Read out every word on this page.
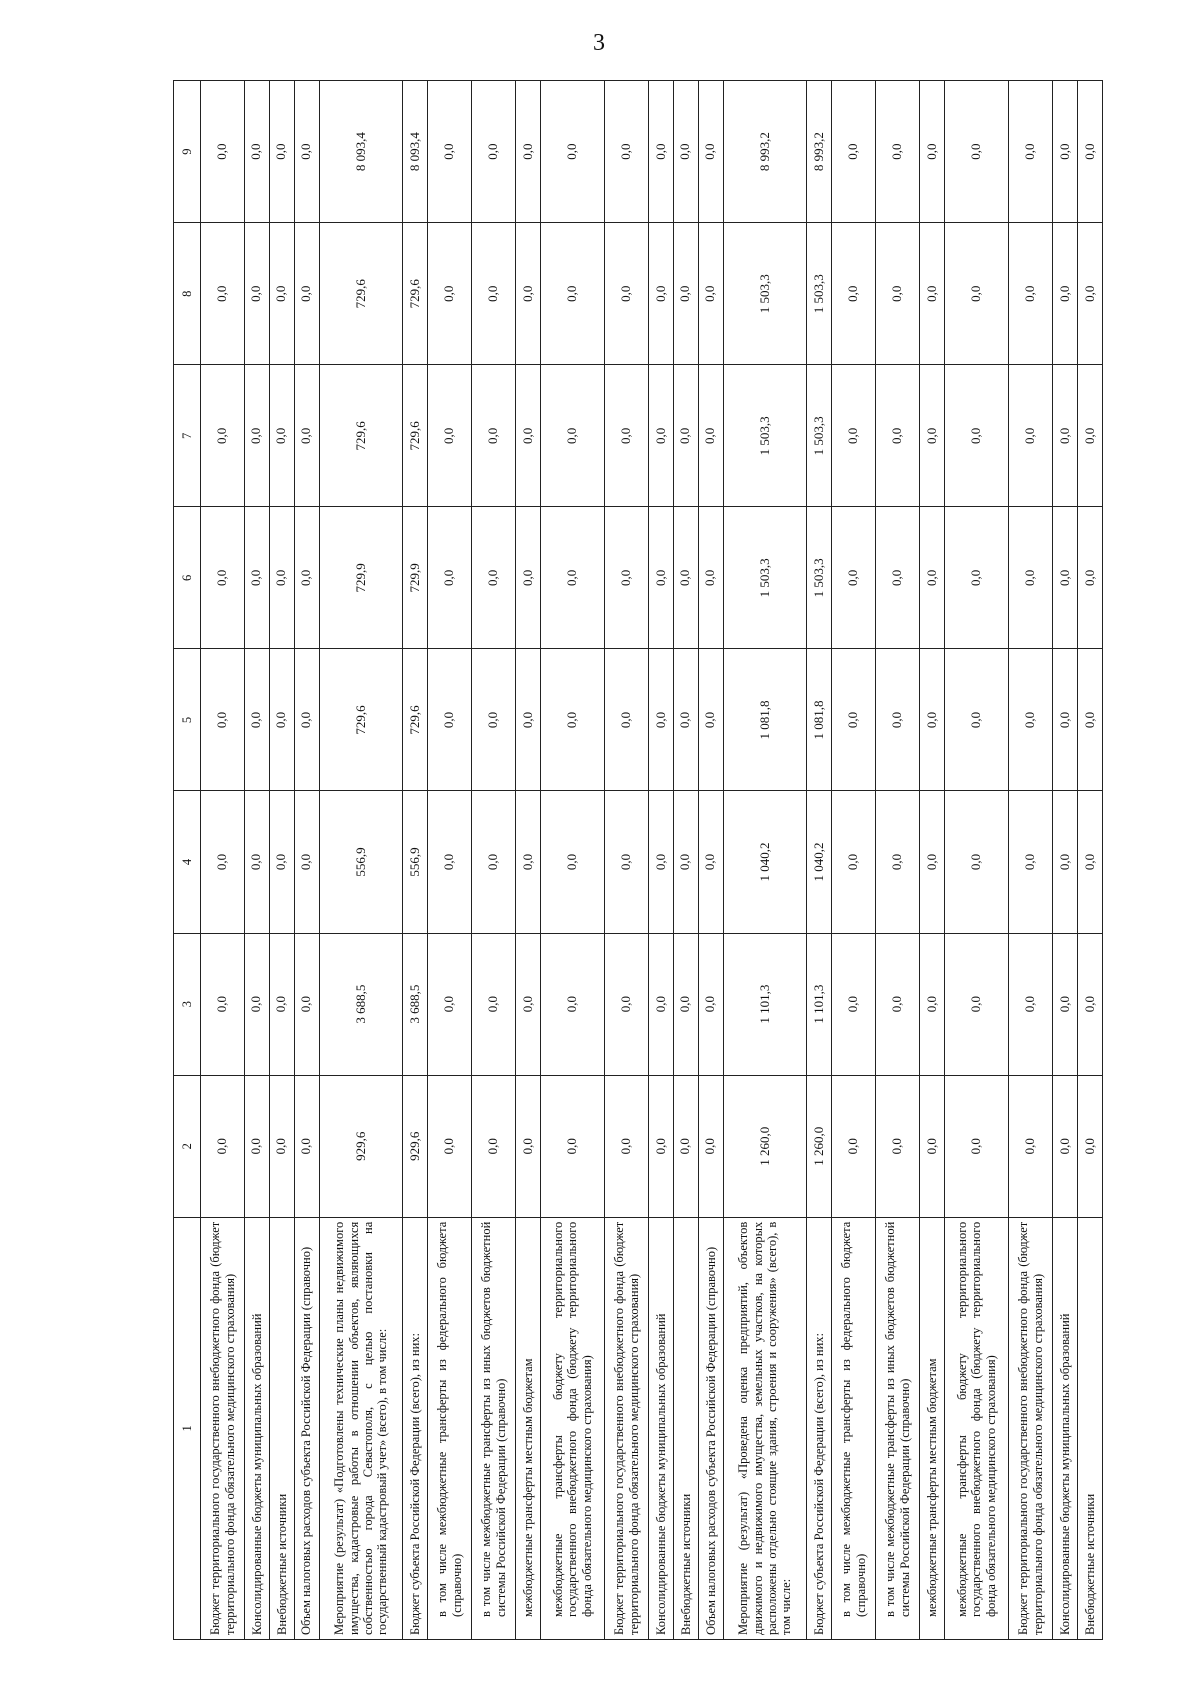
3
1	2	3	4	5	6	7	8	9
Бюджет территориального государственного внебюджетного фонда (бюджет территориального фонда обязательного медицинского страхования)	0,0	0,0	0,0	0,0	0,0	0,0	0,0	0,0
Консолидированные бюджеты муниципальных образований	0,0	0,0	0,0	0,0	0,0	0,0	0,0	0,0
Внебюджетные источники	0,0	0,0	0,0	0,0	0,0	0,0	0,0	0,0
Объем налоговых расходов субъекта Российской Федерации (справочно)	0,0	0,0	0,0	0,0	0,0	0,0	0,0	0,0
Мероприятие (результат) «Подготовлены технические планы недвижимого имущества, кадастровые работы в отношении объектов, являющихся собственностью города Севастополя, с целью постановки на государственный кадастровый учет» (всего), в том числе:	929,6	3 688,5	556,9	729,6	729,9	729,6	729,6	8 093,4
Бюджет субъекта Российской Федерации (всего), из них:	929,6	3 688,5	556,9	729,6	729,9	729,6	729,6	8 093,4
в том числе межбюджетные трансферты из федерального бюджета (справочно)	0,0	0,0	0,0	0,0	0,0	0,0	0,0	0,0
в том числе межбюджетные трансферты из иных бюджетов бюджетной системы Российской Федерации (справочно)	0,0	0,0	0,0	0,0	0,0	0,0	0,0	0,0
межбюджетные трансферты местным бюджетам	0,0	0,0	0,0	0,0	0,0	0,0	0,0	0,0
межбюджетные трансферты бюджету территориального государственного внебюджетного фонда (бюджету территориального фонда обязательного медицинского страхования)	0,0	0,0	0,0	0,0	0,0	0,0	0,0	0,0
Бюджет территориального государственного внебюджетного фонда (бюджет территориального фонда обязательного медицинского страхования)	0,0	0,0	0,0	0,0	0,0	0,0	0,0	0,0
Консолидированные бюджеты муниципальных образований	0,0	0,0	0,0	0,0	0,0	0,0	0,0	0,0
Внебюджетные источники	0,0	0,0	0,0	0,0	0,0	0,0	0,0	0,0
Объем налоговых расходов субъекта Российской Федерации (справочно)	0,0	0,0	0,0	0,0	0,0	0,0	0,0	0,0
Мероприятие (результат) «Проведена оценка предприятий, объектов движимого и недвижимого имущества, земельных участков, на которых расположены отдельно стоящие здания, строения и сооружения» (всего), в том числе:	1 260,0	1 101,3	1 040,2	1 081,8	1 503,3	1 503,3	1 503,3	8 993,2
Бюджет субъекта Российской Федерации (всего), из них:	1 260,0	1 101,3	1 040,2	1 081,8	1 503,3	1 503,3	1 503,3	8 993,2
в том числе межбюджетные трансферты из федерального бюджета (справочно)	0,0	0,0	0,0	0,0	0,0	0,0	0,0	0,0
в том числе межбюджетные трансферты из иных бюджетов бюджетной системы Российской Федерации (справочно)	0,0	0,0	0,0	0,0	0,0	0,0	0,0	0,0
межбюджетные трансферты местным бюджетам	0,0	0,0	0,0	0,0	0,0	0,0	0,0	0,0
межбюджетные трансферты бюджету территориального государственного внебюджетного фонда (бюджету территориального фонда обязательного медицинского страхования)	0,0	0,0	0,0	0,0	0,0	0,0	0,0	0,0
Бюджет территориального государственного внебюджетного фонда (бюджет территориального фонда обязательного медицинского страхования)	0,0	0,0	0,0	0,0	0,0	0,0	0,0	0,0
Консолидированные бюджеты муниципальных образований	0,0	0,0	0,0	0,0	0,0	0,0	0,0	0,0
Внебюджетные источники	0,0	0,0	0,0	0,0	0,0	0,0	0,0	0,0
